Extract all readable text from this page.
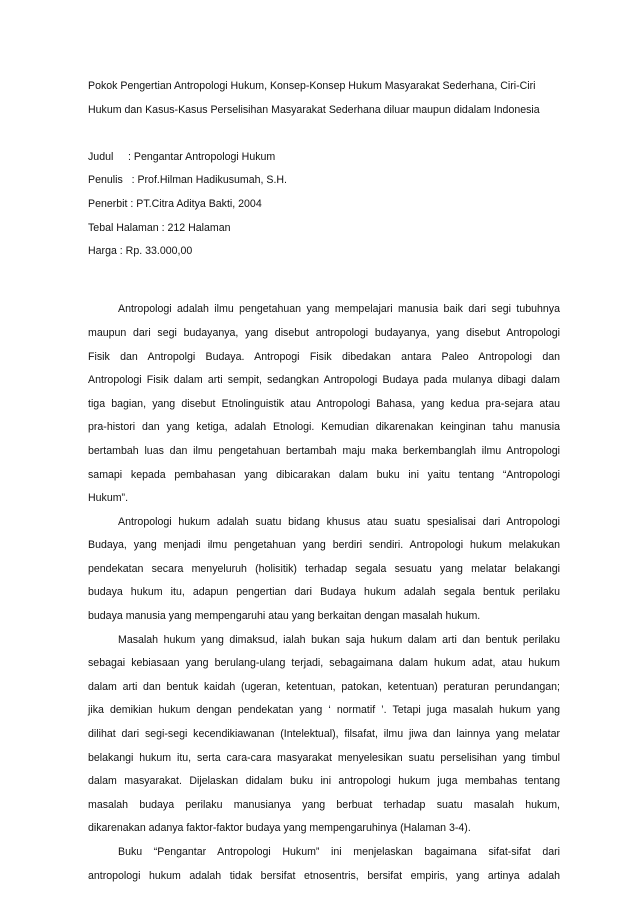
Pokok Pengertian Antropologi Hukum, Konsep-Konsep Hukum Masyarakat Sederhana, Ciri-Ciri
Hukum dan Kasus-Kasus Perselisihan Masyarakat Sederhana diluar maupun didalam Indonesia
Judul : Pengantar Antropologi Hukum
Penulis   : Prof.Hilman Hadikusumah, S.H.
Penerbit : PT.Citra Aditya Bakti, 2004
Tebal Halaman : 212 Halaman
Harga : Rp. 33.000,00
Antropologi adalah ilmu pengetahuan yang mempelajari manusia baik dari segi tubuhnya
maupun dari segi budayanya, yang disebut antropologi budayanya, yang disebut Antropologi
Fisik dan Antropolgi Budaya. Antropogi Fisik dibedakan antara Paleo Antropologi dan
Antropologi Fisik dalam arti sempit, sedangkan Antropologi Budaya pada mulanya dibagi dalam
tiga bagian, yang disebut Etnolinguistik atau Antropologi Bahasa, yang kedua pra-sejara atau
pra-histori dan yang ketiga, adalah Etnologi. Kemudian dikarenakan keinginan tahu manusia
bertambah luas dan ilmu pengetahuan bertambah maju maka berkembanglah ilmu Antropologi
samapi kepada pembahasan yang dibicarakan dalam buku ini yaitu tentang “Antropologi
Hukum”.
Antropologi hukum adalah suatu bidang khusus atau suatu spesialisai dari Antropologi
Budaya, yang menjadi ilmu pengetahuan yang berdiri sendiri. Antropologi hukum melakukan
pendekatan secara menyeluruh (holisitik) terhadap segala sesuatu yang melatar belakangi
budaya hukum itu, adapun pengertian dari Budaya hukum adalah segala bentuk perilaku
budaya manusia yang mempengaruhi atau yang berkaitan dengan masalah hukum.
Masalah hukum yang dimaksud, ialah bukan saja hukum dalam arti dan bentuk perilaku
sebagai kebiasaan yang berulang-ulang terjadi, sebagaimana dalam hukum adat, atau hukum
dalam arti dan bentuk kaidah (ugeran, ketentuan, patokan, ketentuan) peraturan perundangan;
jika demikian hukum dengan pendekatan yang ‘ normatif ’. Tetapi juga masalah hukum yang
dilihat dari segi-segi kecendikiawanan (Intelektual), filsafat, ilmu jiwa dan lainnya yang melatar
belakangi hukum itu, serta cara-cara masyarakat menyelesikan suatu perselisihan yang timbul
dalam masyarakat. Dijelaskan didalam buku ini antropologi hukum juga membahas tentang
masalah budaya perilaku manusianya yang berbuat terhadap suatu masalah hukum,
dikarenakan adanya faktor-faktor budaya yang mempengaruhinya (Halaman 3-4).
Buku “Pengantar Antropologi Hukum” ini menjelaskan bagaimana sifat-sifat dari
antropologi hukum adalah tidak bersifat etnosentris, bersifat empiris, yang artinya adalah
